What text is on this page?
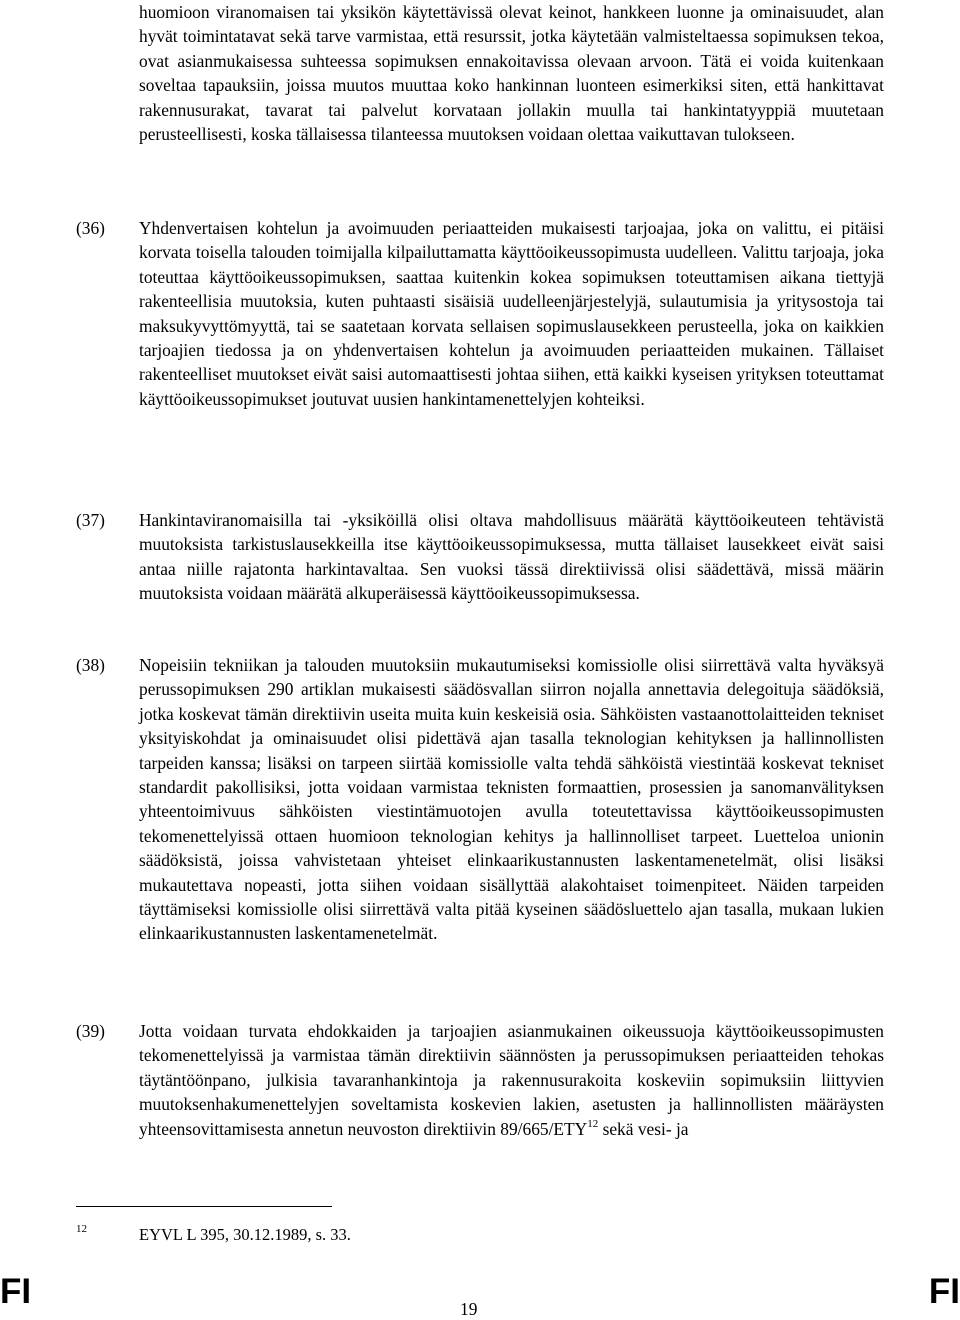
huomioon viranomaisen tai yksikön käytettävissä olevat keinot, hankkeen luonne ja ominaisuudet, alan hyvät toimintatavat sekä tarve varmistaa, että resurssit, jotka käytetään valmisteltaessa sopimuksen tekoa, ovat asianmukaisessa suhteessa sopimuksen ennakoitavissa olevaan arvoon. Tätä ei voida kuitenkaan soveltaa tapauksiin, joissa muutos muuttaa koko hankinnan luonteen esimerkiksi siten, että hankittavat rakennusurakat, tavarat tai palvelut korvataan jollakin muulla tai hankintatyyppiä muutetaan perusteellisesti, koska tällaisessa tilanteessa muutoksen voidaan olettaa vaikuttavan tulokseen.
(36) Yhdenvertaisen kohtelun ja avoimuuden periaatteiden mukaisesti tarjoajaa, joka on valittu, ei pitäisi korvata toisella talouden toimijalla kilpailuttamatta käyttöoikeussopimusta uudelleen. Valittu tarjoaja, joka toteuttaa käyttöoikeussopimuksen, saattaa kuitenkin kokea sopimuksen toteuttamisen aikana tiettyjä rakenteellisia muutoksia, kuten puhtaasti sisäisiä uudelleenjärjestelyjä, sulautumisia ja yritysostoja tai maksukyvyttömyyttä, tai se saatetaan korvata sellaisen sopimuslausekkeen perusteella, joka on kaikkien tarjoajien tiedossa ja on yhdenvertaisen kohtelun ja avoimuuden periaatteiden mukainen. Tällaiset rakenteelliset muutokset eivät saisi automaattisesti johtaa siihen, että kaikki kyseisen yrityksen toteuttamat käyttöoikeussopimukset joutuvat uusien hankintamenettelyjen kohteiksi.
(37) Hankintaviranomaisilla tai -yksiköillä olisi oltava mahdollisuus määrätä käyttöoikeuteen tehtävistä muutoksista tarkistuslausekkeilla itse käyttöoikeussopimuksessa, mutta tällaiset lausekkeet eivät saisi antaa niille rajatonta harkintavaltaa. Sen vuoksi tässä direktiivissä olisi säädettävä, missä määrin muutoksista voidaan määrätä alkuperäisessä käyttöoikeussopimuksessa.
(38) Nopeisiin tekniikan ja talouden muutoksiin mukautumiseksi komissiolle olisi siirrettävä valta hyväksyä perussopimuksen 290 artiklan mukaisesti säädösvallan siirron nojalla annettavia delegoituja säädöksiä, jotka koskevat tämän direktiivin useita muita kuin keskeisiä osia. Sähköisten vastaanottolaitteiden tekniset yksityiskohdat ja ominaisuudet olisi pidettävä ajan tasalla teknologian kehityksen ja hallinnollisten tarpeiden kanssa; lisäksi on tarpeen siirtää komissiolle valta tehdä sähköistä viestintää koskevat tekniset standardit pakollisiksi, jotta voidaan varmistaa teknisten formaattien, prosessien ja sanomanvälityksen yhteentoimivuus sähköisten viestintämuotojen avulla toteutettavissa käyttöoikeussopimusten tekomenettelyissä ottaen huomioon teknologian kehitys ja hallinnolliset tarpeet. Luetteloa unionin säädöksistä, joissa vahvistetaan yhteiset elinkaarikustannusten laskentamenetelmät, olisi lisäksi mukautettava nopeasti, jotta siihen voidaan sisällyttää alakohtaiset toimenpiteet. Näiden tarpeiden täyttämiseksi komissiolle olisi siirrettävä valta pitää kyseinen säädösluettelo ajan tasalla, mukaan lukien elinkaarikustannusten laskentamenetelmät.
(39) Jotta voidaan turvata ehdokkaiden ja tarjoajien asianmukainen oikeussuoja käyttöoikeussopimusten tekomenettelyissä ja varmistaa tämän direktiivin säännösten ja perussopimuksen periaatteiden tehokas täytäntöönpano, julkisia tavaranhankintoja ja rakennusurakoita koskeviin sopimuksiin liittyvien muutoksenhakumenettelyjen soveltamista koskevien lakien, asetusten ja hallinnollisten määräysten yhteensovittamisesta annetun neuvoston direktiivin 89/665/ETY$^{12}$ sekä vesi- ja
12	EYVL L 395, 30.12.1989, s. 33.
FI	19	FI
